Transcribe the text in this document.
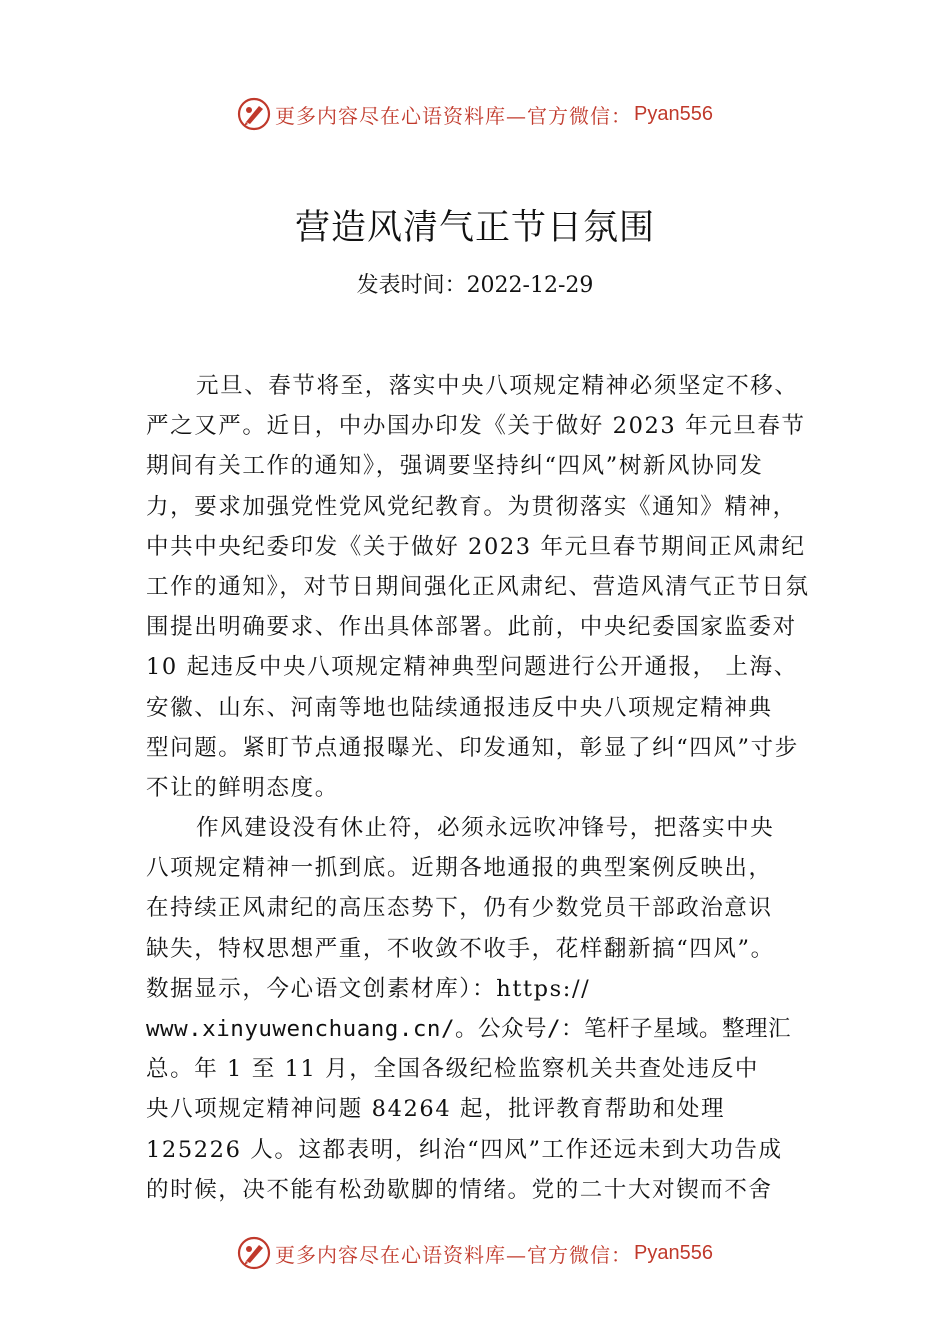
更多内容尽在心语资料库—官方微信： Pyan556
营造风清气正节日氛围
发表时间：2022-12-29
元旦、春节将至，落实中央八项规定精神必须坚定不移、
严之又严。近日，中办国办印发《关于做好 2023 年元旦春节
期间有关工作的通知》，强调要坚持纠“四风”树新风协同发
力，要求加强党性党风党纪教育。为贯彻落实《通知》精神，
中共中央纪委印发《关于做好 2023 年元旦春节期间正风肃纪
工作的通知》，对节日期间强化正风肃纪、营造风清气正节日氛
围提出明确要求、作出具体部署。此前，中央纪委国家监委对
10 起违反中央八项规定精神典型问题进行公开通报， 上海、
安徽、山东、河南等地也陆续通报违反中央八项规定精神典
型问题。紧盯节点通报曝光、印发通知，彰显了纠“四风”寸步
不让的鲜明态度。
作风建设没有休止符，必须永远吹冲锋号，把落实中央
八项规定精神一抓到底。近期各地通报的典型案例反映出，
在持续正风肃纪的高压态势下，仍有少数党员干部政治意识
缺失，特权思想严重，不收敛不收手，花样翻新搞“四风”。
数据显示，今心语文创素材库）：https://
www.xinyuwenchuang.cn/。公众号/：笔杆子星域。整理汇
总。年 1 至 11 月，全国各级纪检监察机关共查处违反中
央八项规定精神问题 84264 起，批评教育帮助和处理
125226 人。这都表明，纠治“四风”工作还远未到大功告成
的时候，决不能有松劲歇脚的情绪。党的二十大对锲而不舍
更多内容尽在心语资料库—官方微信： Pyan556
